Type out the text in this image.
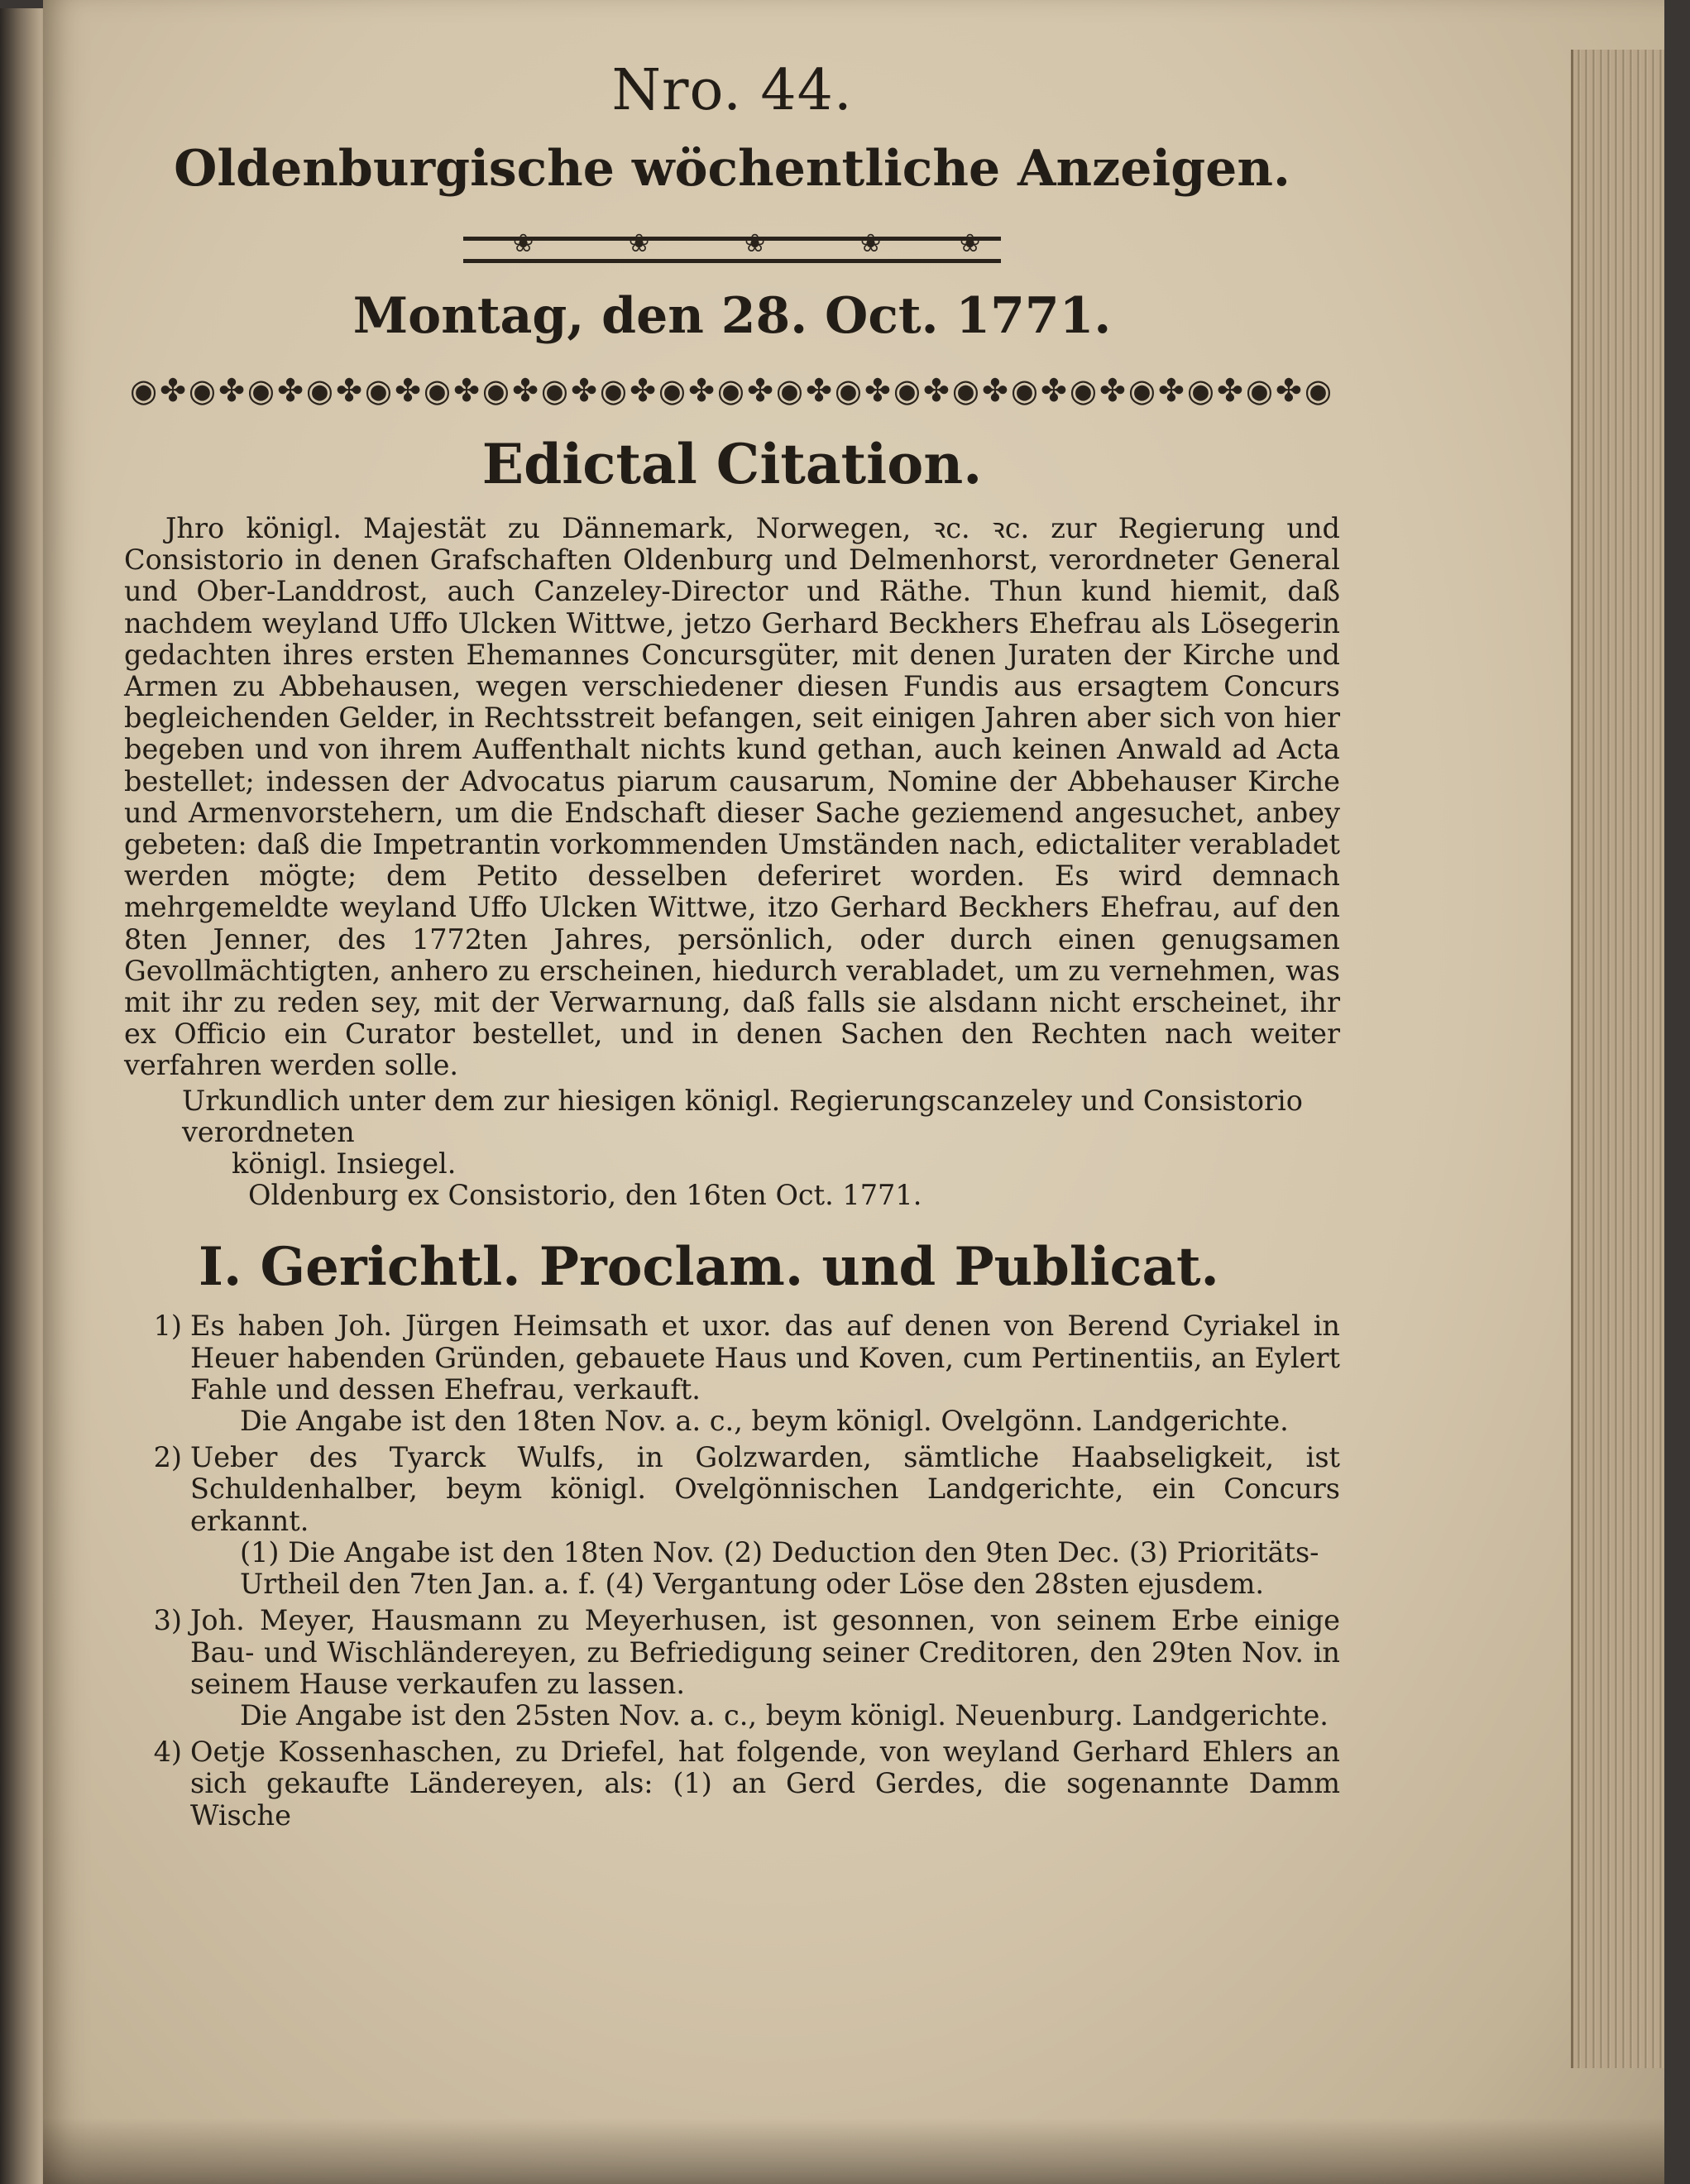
Nro. 44.
Oldenburgische wöchentliche Anzeigen.
❀	❀	❀	❀	❀
Montag, den 28. Oct. 1771.
◉✤◉✤◉✤◉✤◉✤◉✤◉✤◉✤◉✤◉✤◉✤◉✤◉✤◉✤◉✤◉✤◉✤◉✤◉✤◉✤◉
Edictal Citation.
Jhro königl. Majestät zu Dännemark, Norwegen, ꝛc. ꝛc. zur Regierung und Consistorio in denen Grafschaften Oldenburg und Delmenhorst, verordneter General und Ober-Landdrost, auch Canzeley-Director und Räthe. Thun kund hiemit, daß nachdem weyland Uffo Ulcken Wittwe, jetzo Gerhard Beckhers Ehefrau als Lösegerin gedachten ihres ersten Ehemannes Concursgüter, mit denen Juraten der Kirche und Armen zu Abbehausen, wegen verschiedener diesen Fundis aus ersagtem Concurs begleichenden Gelder, in Rechtsstreit befangen, seit einigen Jahren aber sich von hier begeben und von ihrem Auffenthalt nichts kund gethan, auch keinen Anwald ad Acta bestellet; indessen der Advocatus piarum causarum, Nomine der Abbehauser Kirche und Armenvorstehern, um die Endschaft dieser Sache geziemend angesuchet, anbey gebeten: daß die Impetrantin vorkommenden Umständen nach, edictaliter verabladet werden mögte; dem Petito desselben deferiret worden. Es wird demnach mehrgemeldte weyland Uffo Ulcken Wittwe, itzo Gerhard Beckhers Ehefrau, auf den 8ten Jenner, des 1772ten Jahres, persönlich, oder durch einen genugsamen Gevollmächtigten, anhero zu erscheinen, hiedurch verabladet, um zu vernehmen, was mit ihr zu reden sey, mit der Verwarnung, daß falls sie alsdann nicht erscheinet, ihr ex Officio ein Curator bestellet, und in denen Sachen den Rechten nach weiter verfahren werden solle.
Urkundlich unter dem zur hiesigen königl. Regierungscanzeley und Consistorio verordneten
königl. Insiegel.
Oldenburg ex Consistorio, den 16ten Oct. 1771.
I. Gerichtl. Proclam. und Publicat.
1) Es haben Joh. Jürgen Heimsath et uxor. das auf denen von Berend Cyriakel in Heuer habenden Gründen, gebauete Haus und Koven, cum Pertinentiis, an Eylert Fahle und dessen Ehefrau, verkauft.
Die Angabe ist den 18ten Nov. a. c., beym königl. Ovelgönn. Landgerichte.
2) Ueber des Tyarck Wulfs, in Golzwarden, sämtliche Haabseligkeit, ist Schuldenhalber, beym königl. Ovelgönnischen Landgerichte, ein Concurs erkannt.
(1) Die Angabe ist den 18ten Nov. (2) Deduction den 9ten Dec. (3) Prioritäts-Urtheil den 7ten Jan. a. f. (4) Vergantung oder Löse den 28sten ejusdem.
3) Joh. Meyer, Hausmann zu Meyerhusen, ist gesonnen, von seinem Erbe einige Bau- und Wischländereyen, zu Befriedigung seiner Creditoren, den 29ten Nov. in seinem Hause verkaufen zu lassen.
Die Angabe ist den 25sten Nov. a. c., beym königl. Neuenburg. Landgerichte.
4) Oetje Kossenhaschen, zu Driefel, hat folgende, von weyland Gerhard Ehlers an sich gekaufte Ländereyen, als: (1) an Gerd Gerdes, die sogenannte Damm Wische
